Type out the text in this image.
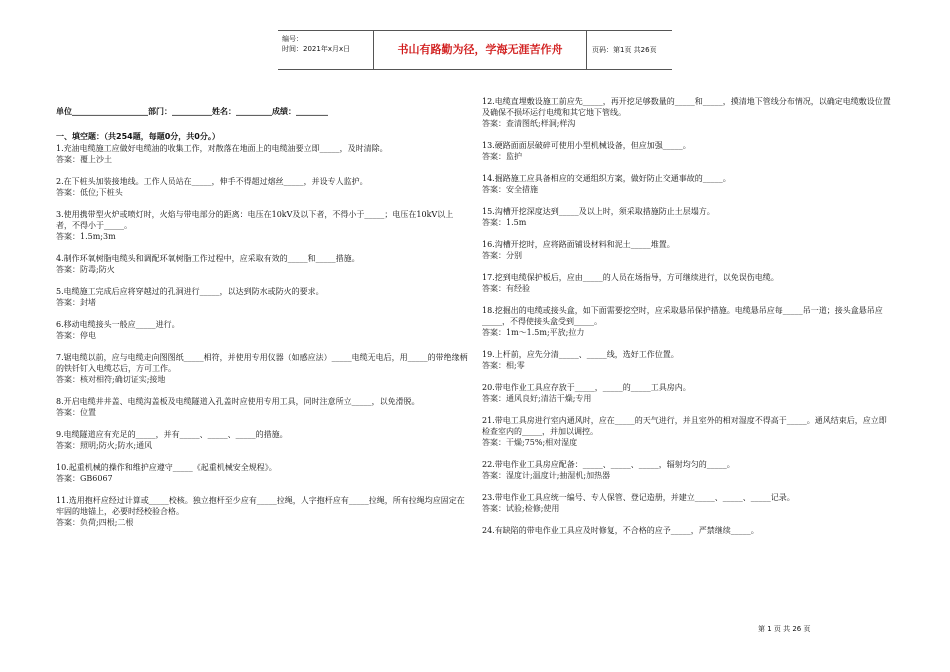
编号：
时间：2021年x月x日	书山有路勤为径，学海无涯苦作舟	页码：第1页 共26页
单位___________________部门：__________姓名：_________成绩：________
一、填空题：（共254题，每题0分，共0分。）

1.充油电缆施工应做好电缆油的收集工作，对散落在地面上的电缆油要立即_____，及时清除。

答案：覆上沙土

2.在下桩头加装接地线。工作人员站在_____，伸手不得超过熔丝_____，并设专人监护。

答案：低位;下桩头

3.使用携带型火炉或喷灯时，火焰与带电部分的距离：电压在10kV及以下者，不得小于_____；电压在10kV以上者，不得小于_____。

答案：1.5m;3m

4.制作环氧树脂电缆头和调配环氧树脂工作过程中，应采取有效的_____和_____措施。

答案：防毒;防火

5.电缆施工完成后应将穿越过的孔洞进行_____，以达到防水或防火的要求。

答案：封堵

6.移动电缆接头一般应_____进行。

答案：停电

7.锯电缆以前，应与电缆走向图图纸_____相符，并使用专用仪器（如感应法）_____电缆无电后，用_____的带绝缘柄的铁钎钉入电缆芯后，方可工作。

答案：核对相符;确切证实;接地

8.开启电缆井井盖、电缆沟盖板及电缆隧道入孔盖时应使用专用工具，同时注意所立_____，以免滑脱。

答案：位置

9.电缆隧道应有充足的_____，并有_____、_____、_____的措施。

答案：照明;防火;防水;通风

10.起重机械的操作和维护应遵守_____《起重机械安全规程》。

答案：GB6067

11.选用抱杆应经过计算或_____校核。独立抱杆至少应有_____拉绳，人字抱杆应有_____拉绳，所有拉绳均应固定在牢固的地锚上，必要时经校验合格。

答案：负荷;四根;二根

12.电缆直埋敷设施工前应先_____，再开挖足够数量的_____和_____，摸清地下管线分布情况，以确定电缆敷设位置及确保不损坏运行电缆和其它地下管线。

答案：查清图纸;样洞;样沟

13.硬路面面层破碎可使用小型机械设备，但应加强_____。

答案：监护

14.掘路施工应具备相应的交通组织方案，做好防止交通事故的_____。

答案：安全措施

15.沟槽开挖深度达到_____及以上时，须采取措施防止土层塌方。

答案：1.5m

16.沟槽开挖时，应将路面铺设材料和泥土_____堆置。

答案：分别

17.挖到电缆保护板后，应由_____的人员在场指导，方可继续进行，以免误伤电缆。

答案：有经验

18.挖掘出的电缆或接头盒，如下面需要挖空时，应采取悬吊保护措施。电缆悬吊应每_____吊一道；接头盒悬吊应_____，不得使接头盒受到_____。

答案：1m～1.5m;平放;拉力

19.上杆前，应先分清_____、_____线，选好工作位置。

答案：相;零

20.带电作业工具应存放于_____，_____的_____工具房内。

答案：通风良好;清洁干燥;专用

21.带电工具房进行室内通风时，应在_____的天气进行，并且室外的相对湿度不得高于_____。通风结束后，应立即检查室内的_____，并加以调控。

答案：干燥;75%;相对湿度

22.带电作业工具房应配备：_____、_____、_____，辐射均匀的_____。

答案：湿度计;温度计;抽湿机;加热器

23.带电作业工具应统一编号、专人保管、登记造册，并建立_____、_____、_____记录。

答案：试验;检修;使用

24.有缺陷的带电作业工具应及时修复，不合格的应予_____，严禁继续_____。

第 1 页 共 26 页
